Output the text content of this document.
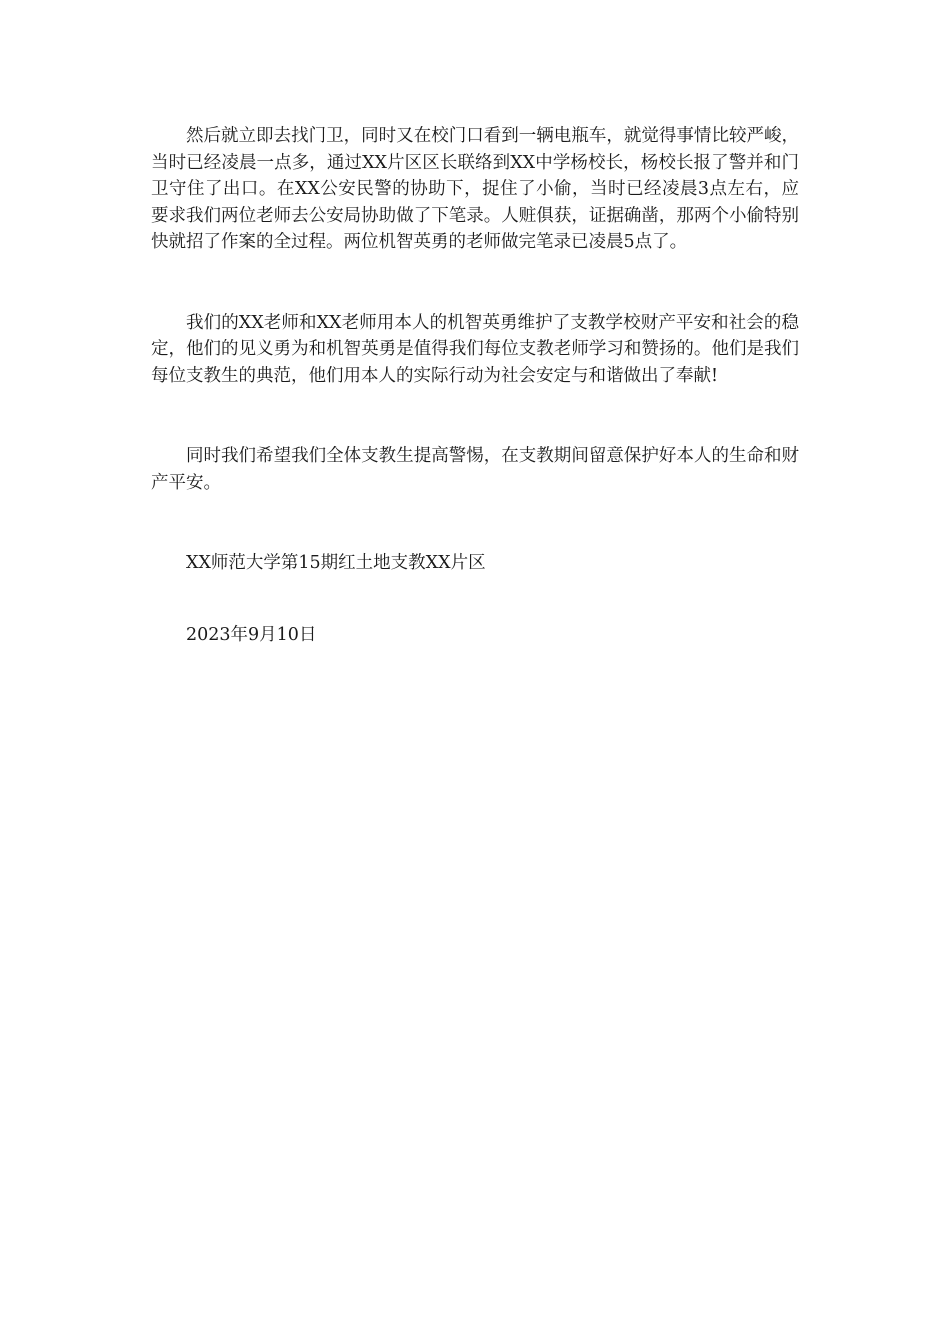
然后就立即去找门卫，同时又在校门口看到一辆电瓶车，就觉得事情比较严峻，当时已经凌晨一点多，通过XX片区区长联络到XX中学杨校长，杨校长报了警并和门卫守住了出口。在XX公安民警的协助下，捉住了小偷，当时已经凌晨3点左右，应要求我们两位老师去公安局协助做了下笔录。人赃俱获，证据确凿，那两个小偷特别快就招了作案的全过程。两位机智英勇的老师做完笔录已凌晨5点了。

我们的XX老师和XX老师用本人的机智英勇维护了支教学校财产平安和社会的稳定，他们的见义勇为和机智英勇是值得我们每位支教老师学习和赞扬的。他们是我们每位支教生的典范，他们用本人的实际行动为社会安定与和谐做出了奉献!

同时我们希望我们全体支教生提高警惕，在支教期间留意保护好本人的生命和财产平安。

XX师范大学第15期红土地支教XX片区

2023年9月10日
